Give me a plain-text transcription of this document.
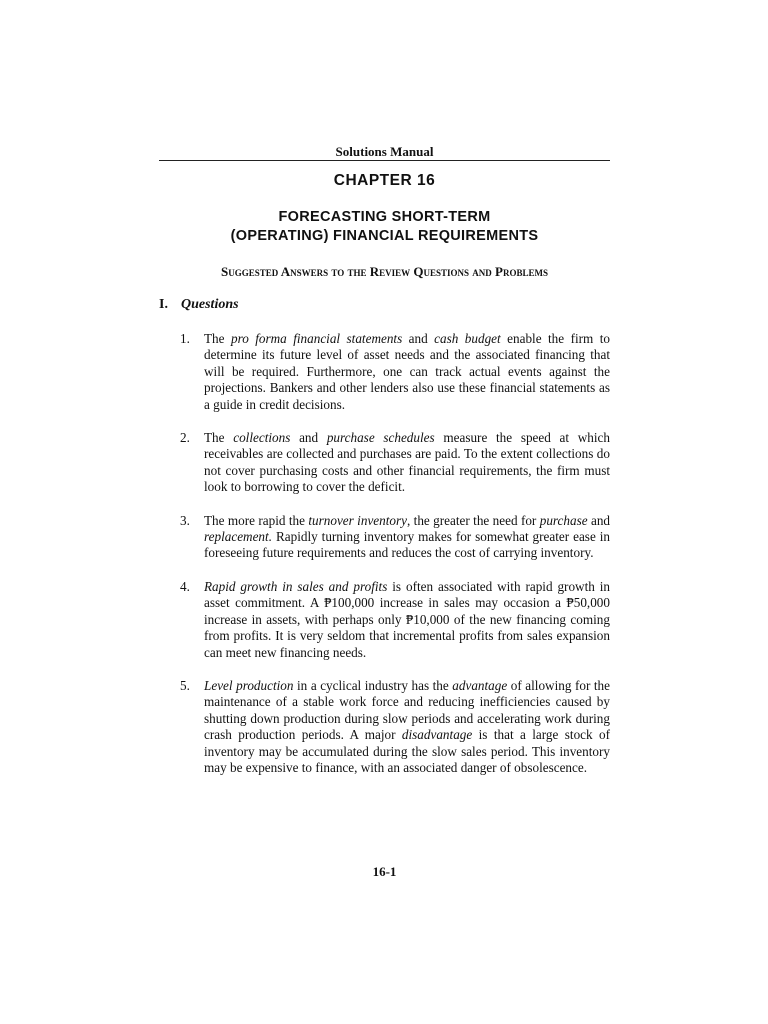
Solutions Manual
CHAPTER 16
FORECASTING SHORT-TERM
(OPERATING) FINANCIAL REQUIREMENTS
Suggested Answers to the Review Questions and Problems
I. Questions
1. The pro forma financial statements and cash budget enable the firm to determine its future level of asset needs and the associated financing that will be required. Furthermore, one can track actual events against the projections. Bankers and other lenders also use these financial statements as a guide in credit decisions.
2. The collections and purchase schedules measure the speed at which receivables are collected and purchases are paid. To the extent collections do not cover purchasing costs and other financial requirements, the firm must look to borrowing to cover the deficit.
3. The more rapid the turnover inventory, the greater the need for purchase and replacement. Rapidly turning inventory makes for somewhat greater ease in foreseeing future requirements and reduces the cost of carrying inventory.
4. Rapid growth in sales and profits is often associated with rapid growth in asset commitment. A ₱100,000 increase in sales may occasion a ₱50,000 increase in assets, with perhaps only ₱10,000 of the new financing coming from profits. It is very seldom that incremental profits from sales expansion can meet new financing needs.
5. Level production in a cyclical industry has the advantage of allowing for the maintenance of a stable work force and reducing inefficiencies caused by shutting down production during slow periods and accelerating work during crash production periods. A major disadvantage is that a large stock of inventory may be accumulated during the slow sales period. This inventory may be expensive to finance, with an associated danger of obsolescence.
16-1
